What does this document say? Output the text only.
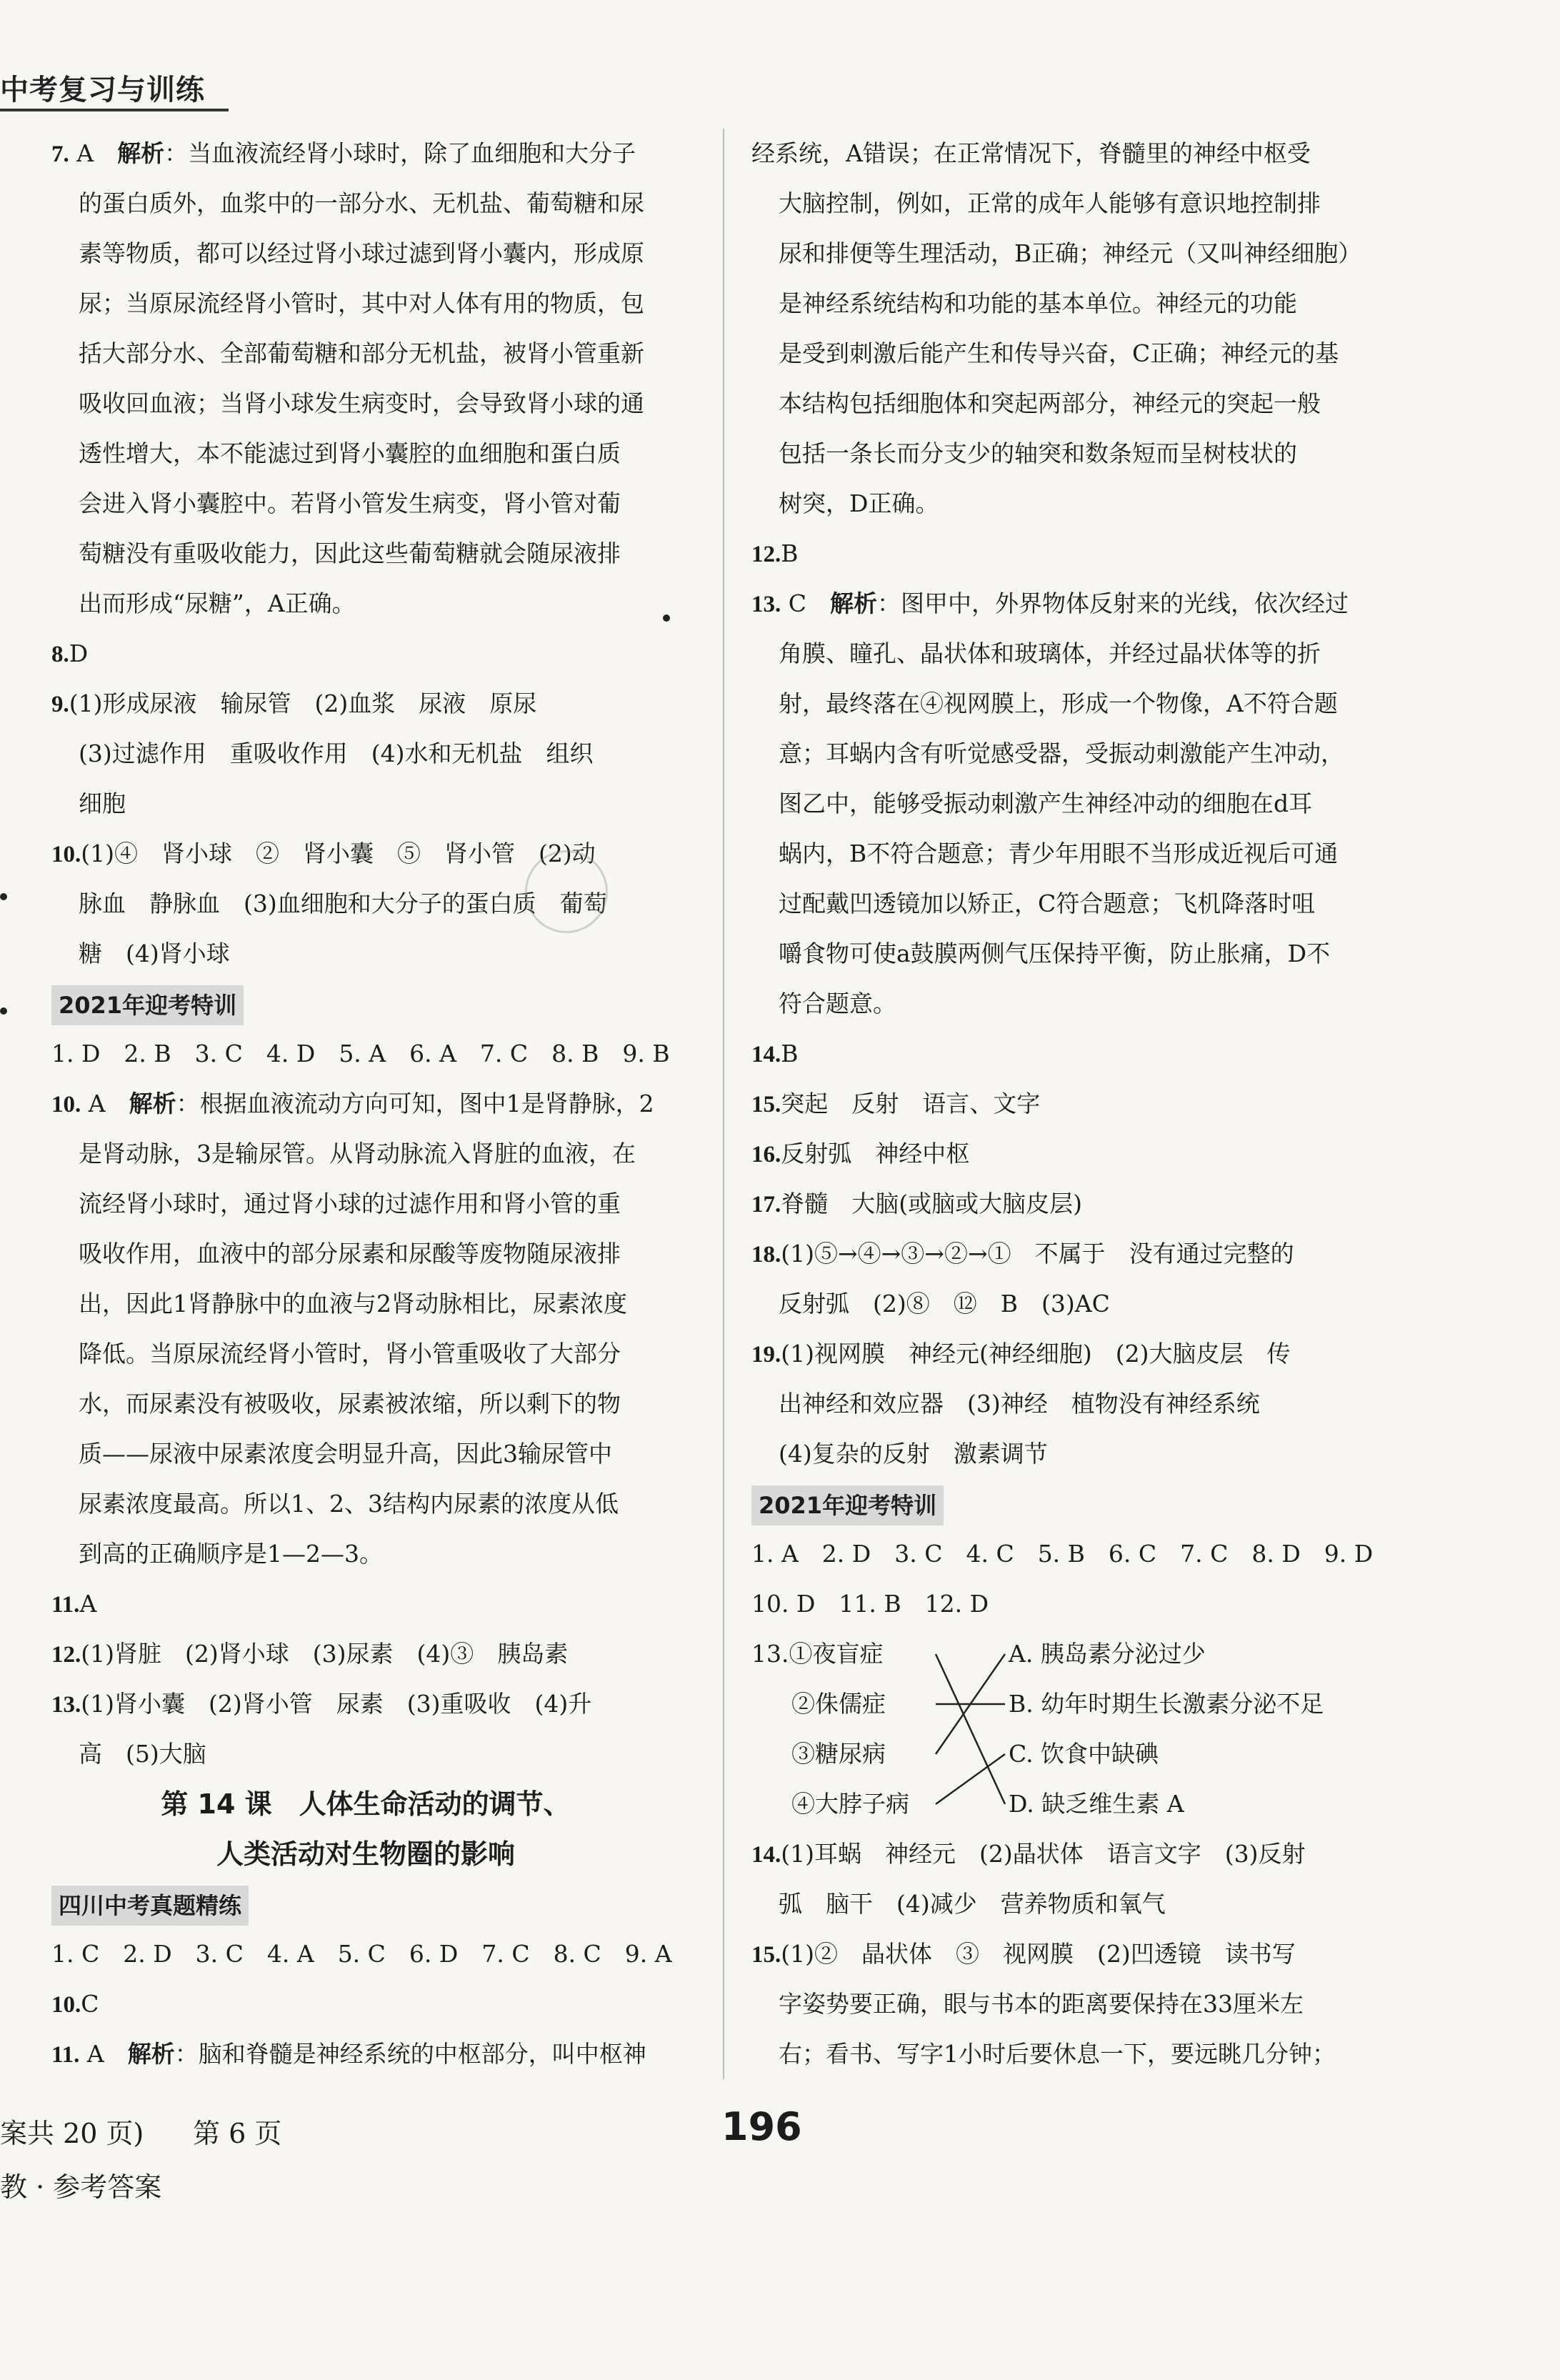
中考复习与训练
7. A　解析：当血液流经肾小球时，除了血细胞和大分子
的蛋白质外，血浆中的一部分水、无机盐、葡萄糖和尿
素等物质，都可以经过肾小球过滤到肾小囊内，形成原
尿；当原尿流经肾小管时，其中对人体有用的物质，包
括大部分水、全部葡萄糖和部分无机盐，被肾小管重新
吸收回血液；当肾小球发生病变时，会导致肾小球的通
透性增大，本不能滤过到肾小囊腔的血细胞和蛋白质
会进入肾小囊腔中。若肾小管发生病变，肾小管对葡
萄糖没有重吸收能力，因此这些葡萄糖就会随尿液排
出而形成“尿糖”，A正确。
8.D
9.(1)形成尿液　输尿管　(2)血浆　尿液　原尿
(3)过滤作用　重吸收作用　(4)水和无机盐　组织
细胞
10.(1)④　肾小球　②　肾小囊　⑤　肾小管　(2)动
脉血　静脉血　(3)血细胞和大分子的蛋白质　葡萄
糖　(4)肾小球
2021年迎考特训
1. D　2. B　3. C　4. D　5. A　6. A　7. C　8. B　9. B
10. A　解析：根据血液流动方向可知，图中1是肾静脉，2
是肾动脉，3是输尿管。从肾动脉流入肾脏的血液，在
流经肾小球时，通过肾小球的过滤作用和肾小管的重
吸收作用，血液中的部分尿素和尿酸等废物随尿液排
出，因此1肾静脉中的血液与2肾动脉相比，尿素浓度
降低。当原尿流经肾小管时，肾小管重吸收了大部分
水，而尿素没有被吸收，尿素被浓缩，所以剩下的物
质——尿液中尿素浓度会明显升高，因此3输尿管中
尿素浓度最高。所以1、2、3结构内尿素的浓度从低
到高的正确顺序是1—2—3。
11.A
12.(1)肾脏　(2)肾小球　(3)尿素　(4)③　胰岛素
13.(1)肾小囊　(2)肾小管　尿素　(3)重吸收　(4)升
高　(5)大脑
第 14 课　人体生命活动的调节、
人类活动对生物圈的影响
四川中考真题精练
1. C　2. D　3. C　4. A　5. C　6. D　7. C　8. C　9. A
10.C
11. A　解析：脑和脊髓是神经系统的中枢部分，叫中枢神
经系统，A错误；在正常情况下，脊髓里的神经中枢受
大脑控制，例如，正常的成年人能够有意识地控制排
尿和排便等生理活动，B正确；神经元（又叫神经细胞）
是神经系统结构和功能的基本单位。神经元的功能
是受到刺激后能产生和传导兴奋，C正确；神经元的基
本结构包括细胞体和突起两部分，神经元的突起一般
包括一条长而分支少的轴突和数条短而呈树枝状的
树突，D正确。
12.B
13. C　解析：图甲中，外界物体反射来的光线，依次经过
角膜、瞳孔、晶状体和玻璃体，并经过晶状体等的折
射，最终落在④视网膜上，形成一个物像，A不符合题
意；耳蜗内含有听觉感受器，受振动刺激能产生冲动，
图乙中，能够受振动刺激产生神经冲动的细胞在d耳
蜗内，B不符合题意；青少年用眼不当形成近视后可通
过配戴凹透镜加以矫正，C符合题意；飞机降落时咀
嚼食物可使a鼓膜两侧气压保持平衡，防止胀痛，D不
符合题意。
14.B
15.突起　反射　语言、文字
16.反射弧　神经中枢
17.脊髓　大脑(或脑或大脑皮层)
18.(1)⑤→④→③→②→①　不属于　没有通过完整的
反射弧　(2)⑧　⑫　B　(3)AC
19.(1)视网膜　神经元(神经细胞)　(2)大脑皮层　传
出神经和效应器　(3)神经　植物没有神经系统
(4)复杂的反射　激素调节
2021年迎考特训
1. A　2. D　3. C　4. C　5. B　6. C　7. C　8. D　9. D
10. D　11. B　12. D
13.①夜盲症	A. 胰岛素分泌过少
②侏儒症	B. 幼年时期生长激素分泌不足
③糖尿病	C. 饮食中缺碘
④大脖子病	D. 缺乏维生素 A
14.(1)耳蜗　神经元　(2)晶状体　语言文字　(3)反射
弧　脑干　(4)减少　营养物质和氧气
15.(1)②　晶状体　③　视网膜　(2)凹透镜　读书写
字姿势要正确，眼与书本的距离要保持在33厘米左
右；看书、写字1小时后要休息一下，要远眺几分钟；
案共 20 页) 第 6 页
教 · 参考答案
196
